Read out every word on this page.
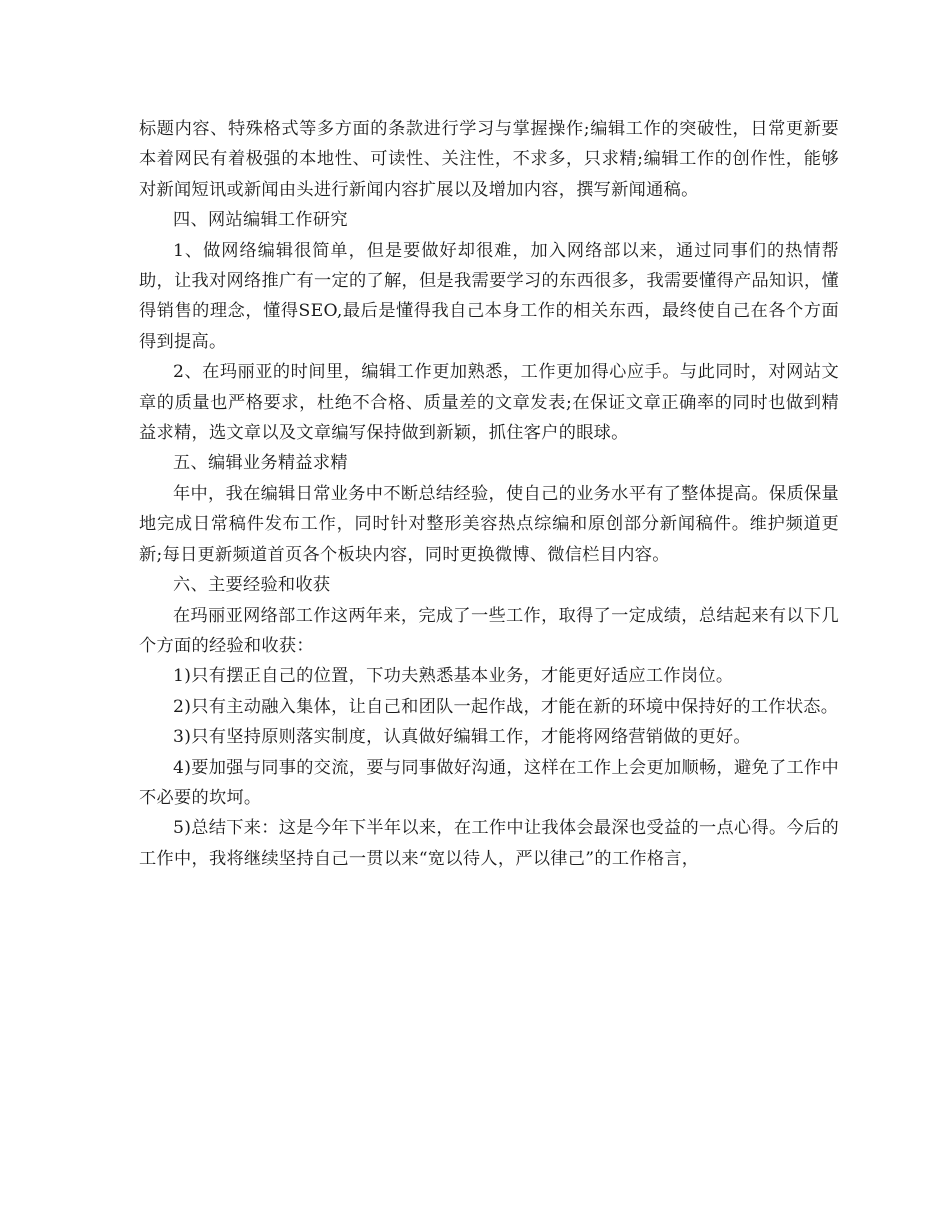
标题内容、特殊格式等多方面的条款进行学习与掌握操作;编辑工作的突破性，日常更新要本着网民有着极强的本地性、可读性、关注性，不求多，只求精;编辑工作的创作性，能够对新闻短讯或新闻由头进行新闻内容扩展以及增加内容，撰写新闻通稿。

四、网站编辑工作研究

1、做网络编辑很简单，但是要做好却很难，加入网络部以来，通过同事们的热情帮助，让我对网络推广有一定的了解，但是我需要学习的东西很多，我需要懂得产品知识，懂得销售的理念，懂得SEO,最后是懂得我自己本身工作的相关东西，最终使自己在各个方面得到提高。

2、在玛丽亚的时间里，编辑工作更加熟悉，工作更加得心应手。与此同时，对网站文章的质量也严格要求，杜绝不合格、质量差的文章发表;在保证文章正确率的同时也做到精益求精，选文章以及文章编写保持做到新颖，抓住客户的眼球。

五、编辑业务精益求精

年中，我在编辑日常业务中不断总结经验，使自己的业务水平有了整体提高。保质保量地完成日常稿件发布工作，同时针对整形美容热点综编和原创部分新闻稿件。维护频道更新;每日更新频道首页各个板块内容，同时更换微博、微信栏目内容。

六、主要经验和收获

在玛丽亚网络部工作这两年来，完成了一些工作，取得了一定成绩，总结起来有以下几个方面的经验和收获：

1)只有摆正自己的位置，下功夫熟悉基本业务，才能更好适应工作岗位。

2)只有主动融入集体，让自己和团队一起作战，才能在新的环境中保持好的工作状态。

3)只有坚持原则落实制度，认真做好编辑工作，才能将网络营销做的更好。

4)要加强与同事的交流，要与同事做好沟通，这样在工作上会更加顺畅，避免了工作中不必要的坎坷。

5)总结下来：这是今年下半年以来，在工作中让我体会最深也受益的一点心得。今后的工作中，我将继续坚持自己一贯以来“宽以待人，严以律己”的工作格言，
